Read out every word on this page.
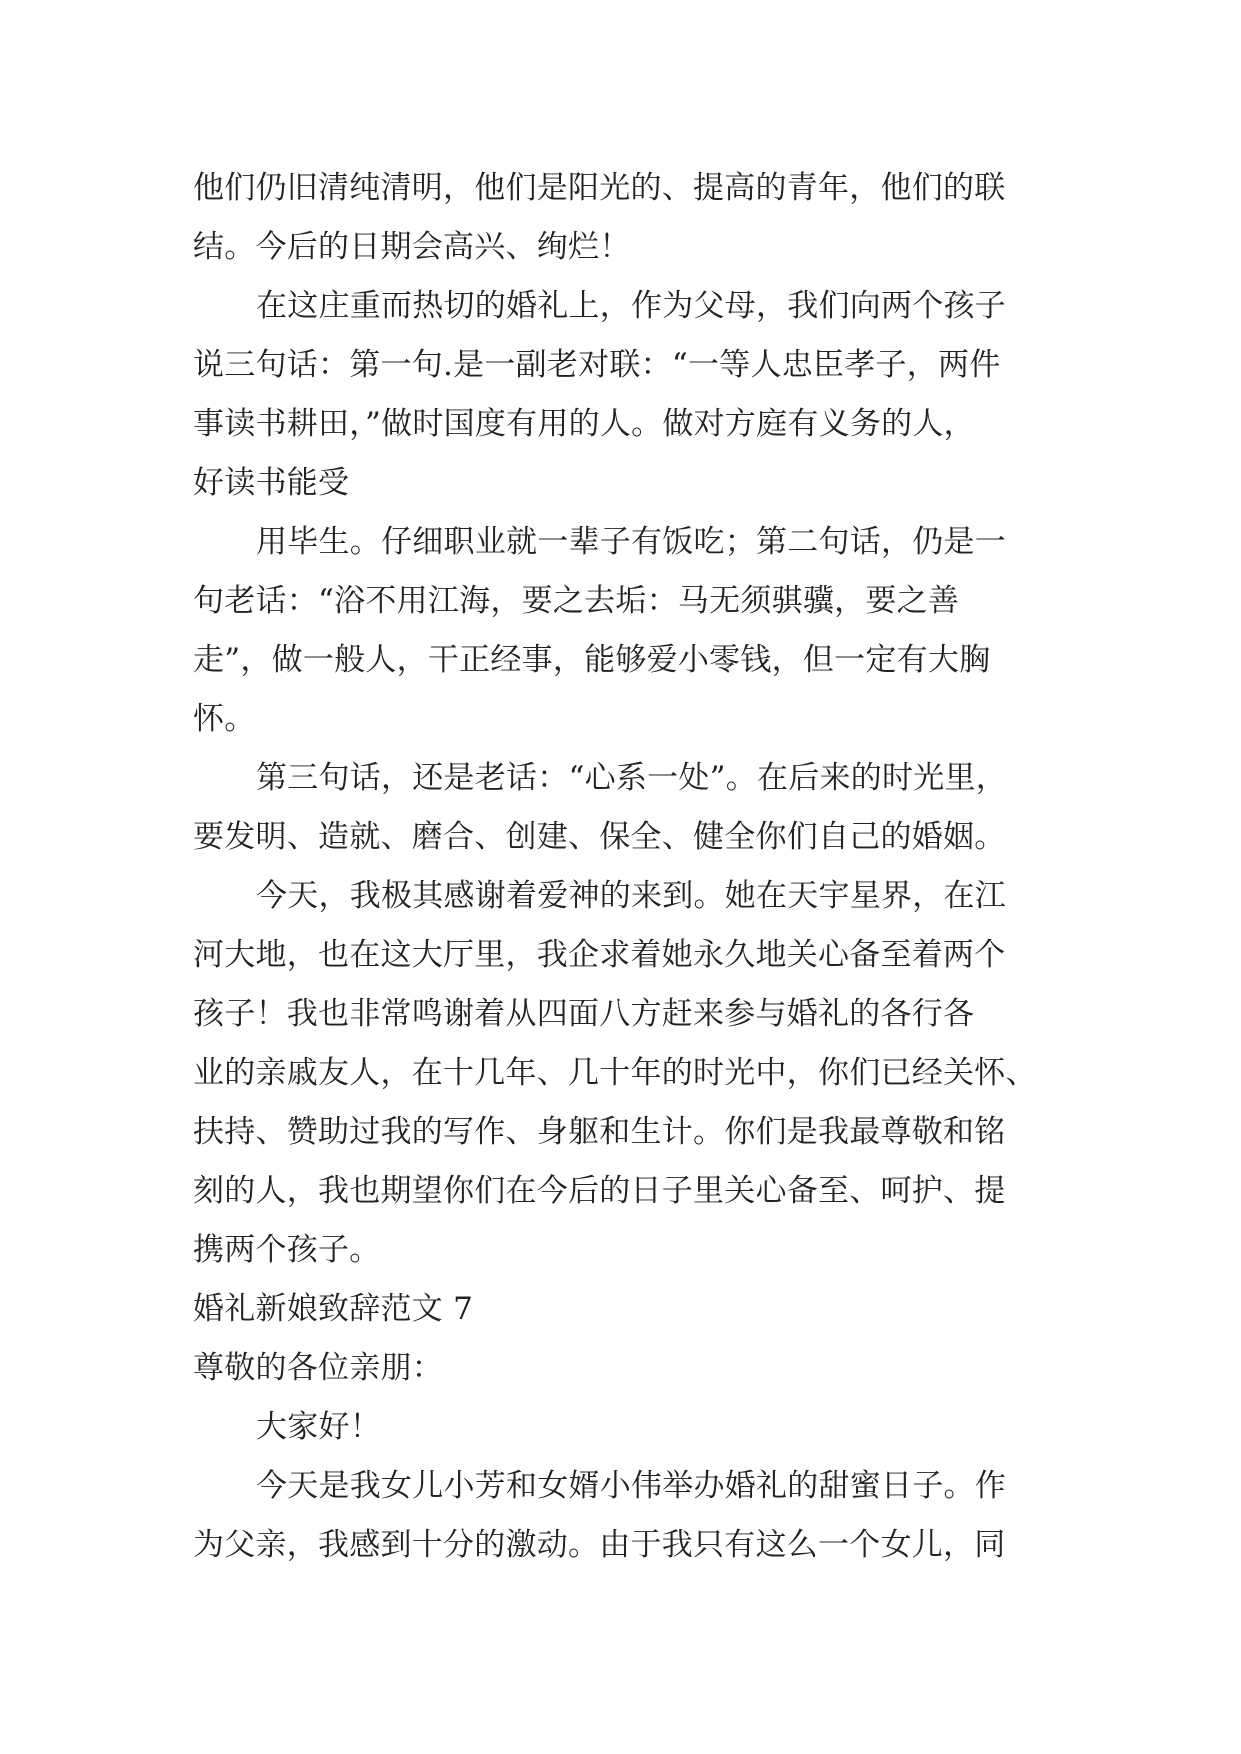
他们仍旧清纯清明，他们是阳光的、提高的青年，他们的联
结。今后的日期会高兴、绚烂！
在这庄重而热切的婚礼上，作为父母，我们向两个孩子
说三句话：第一句.是一副老对联：“一等人忠臣孝子，两件
事读书耕田，”做时国度有用的人。做对方庭有义务的人，
好读书能受
用毕生。仔细职业就一辈子有饭吃；第二句话，仍是一
句老话：“浴不用江海，要之去垢：马无须骐骥，要之善
走”，做一般人，干正经事，能够爱小零钱，但一定有大胸
怀。
第三句话，还是老话：“心系一处”。在后来的时光里，
要发明、造就、磨合、创建、保全、健全你们自己的婚姻。
今天，我极其感谢着爱神的来到。她在天宇星界，在江
河大地，也在这大厅里，我企求着她永久地关心备至着两个
孩子！我也非常鸣谢着从四面八方赶来参与婚礼的各行各
业的亲戚友人，在十几年、几十年的时光中，你们已经关怀、
扶持、赞助过我的写作、身躯和生计。你们是我最尊敬和铭
刻的人，我也期望你们在今后的日子里关心备至、呵护、提
携两个孩子。
婚礼新娘致辞范文 7
尊敬的各位亲朋：
大家好！
今天是我女儿小芳和女婿小伟举办婚礼的甜蜜日子。作
为父亲，我感到十分的激动。由于我只有这么一个女儿，同
